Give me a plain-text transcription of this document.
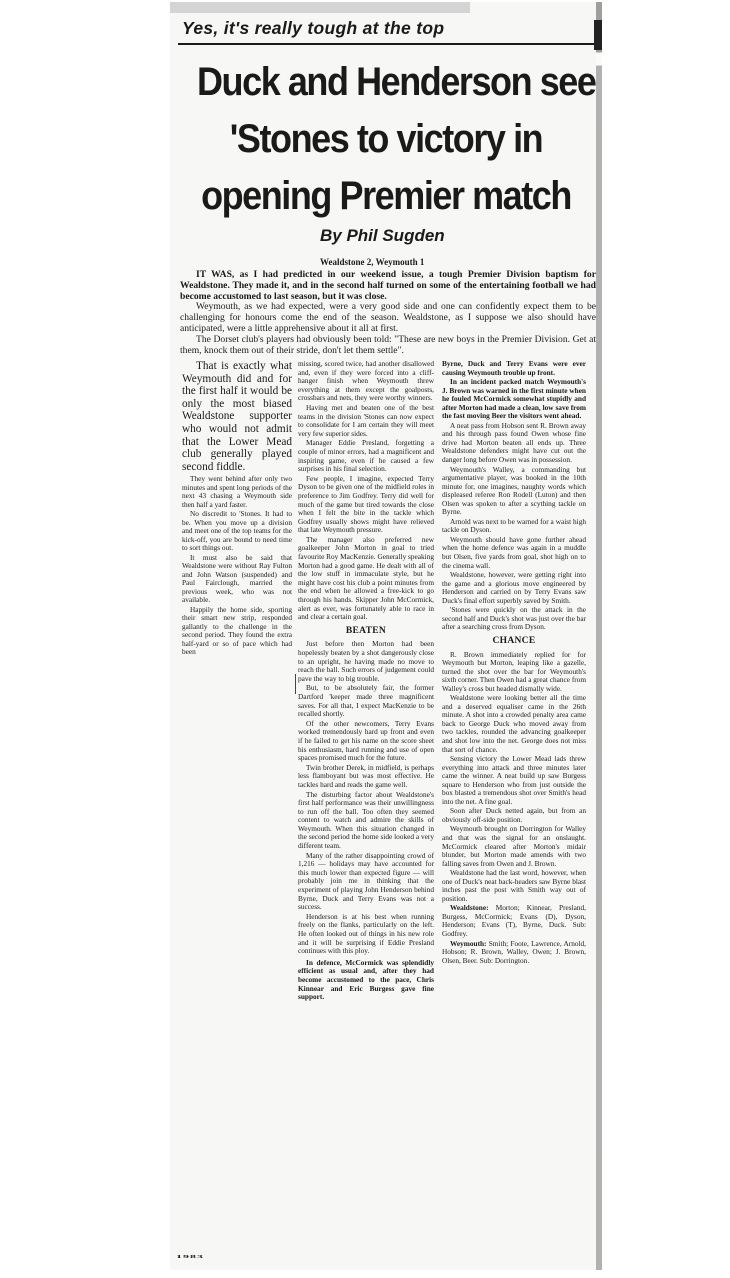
Yes, it's really tough at the top
Duck and Henderson see
'Stones to victory in
opening Premier match
By Phil Sugden
Wealdstone 2, Weymouth 1

IT WAS, as I had predicted in our weekend issue, a tough Premier Division baptism for Wealdstone. They made it, and in the second half turned on some of the entertaining football we had become accustomed to last season, but it was close.

Weymouth, as we had expected, were a very good side and one can confidently expect them to be challenging for honours come the end of the season. Wealdstone, as I suppose we also should have anticipated, were a little apprehensive about it all at first.

The Dorset club's players had obviously been told: "These are new boys in the Premier Division. Get at them, knock them out of their stride, don't let them settle".

That is exactly what Weymouth did and for the first half it would be only the most biased Wealdstone supporter who would not admit that the Lower Mead club generally played second fiddle.

They went behind after only two minutes and spent long periods of the next 43 chasing a Weymouth side then half a yard faster.

No discredit to 'Stones. It had to be. When you move up a division and meet one of the top teams for the kick-off, you are bound to need time to sort things out.

It must also be said that Wealdstone were without Ray Fulton and John Watson (suspended) and Paul Fairclough, married the previous week, who was not available.

Happily the home side, sporting their smart new strip, responded gallantly to the challenge in the second period. They found the extra half-yard or so of pace which had been

missing, scored twice, had another disallowed and, even if they were forced into a cliff-hanger finish when Weymouth threw everything at them except the goalposts, crossbars and nets, they were worthy winners.

Having met and beaten one of the best teams in the division 'Stones can now expect to consolidate for I am certain they will meet very few superior sides.

Manager Eddie Presland, forgetting a couple of minor errors, had a magnificent and inspiring game, even if he caused a few surprises in his final selection.

Few people, I imagine, expected Terry Dyson to be given one of the midfield roles in preference to Jim Godfrey. Terry did well for much of the game but tired towards the close when I felt the bite in the tackle which Godfrey usually shows might have relieved that late Weymouth pressure.

The manager also preferred new goalkeeper John Morton in goal to tried favourite Roy MacKenzie. Generally speaking Morton had a good game. He dealt with all of the low stuff in immaculate style, but he might have cost his club a point minutes from the end when he allowed a free-kick to go through his hands. Skipper John McCormick, alert as ever, was fortunately able to race in and clear a certain goal.

BEATEN

Just before then Morton had been hopelessly beaten by a shot dangerously close to an upright, he having made no move to reach the ball. Such errors of judgement could pave the way to big trouble.

But, to be absolutely fair, the former Dartford 'keeper made three magnificent saves. For all that, I expect MacKenzie to be recalled shortly.

Of the other newcomers, Terry Evans worked tremendously hard up front and even if he failed to get his name on the score sheet his enthusiasm, hard running and use of open spaces promised much for the future.

Twin brother Derek, in midfield, is perhaps less flamboyant but was most effective. He tackles hard and reads the game well.

The disturbing factor about Wealdstone's first half performance was their unwillingness to run off the ball. Too often they seemed content to watch and admire the skills of Weymouth. When this situation changed in the second period the home side looked a very different team.

Many of the rather disappointing crowd of 1,216 — holidays may have accounted for this much lower than expected figure — will probably join me in thinking that the experiment of playing John Henderson behind Byrne, Duck and Terry Evans was not a success.

Henderson is at his best when running freely on the flanks, particularly on the left. He often looked out of things in his new role and it will be surprising if Eddie Presland continues with this ploy.

In defence, McCormick was splendidly efficient as usual and, after they had become accustomed to the pace, Chris Kinnear and Eric Burgess gave fine support.

Byrne, Duck and Terry Evans were ever causing Weymouth trouble up front.

In an incident packed match Weymouth's J. Brown was warned in the first minute when he fouled McCormick somewhat stupidly and after Morton had made a clean, low save from the fast moving Beer the visitors went ahead.

A neat pass from Hobson sent R. Brown away and his through pass found Owen whose fine drive had Morton beaten all ends up. Three Wealdstone defenders might have cut out the danger long before Owen was in possession.

Weymouth's Walley, a commanding but argumentative player, was booked in the 10th minute for, one imagines, naughty words which displeased referee Ron Rodell (Luton) and then Olsen was spoken to after a scything tackle on Byrne.

Arnold was next to be warned for a waist high tackle on Dyson.

Weymouth should have gone further ahead when the home defence was again in a muddle but Olsen, five yards from goal, shot high on to the cinema wall.

Wealdstone, however, were getting right into the game and a glorious move engineered by Henderson and carried on by Terry Evans saw Duck's final effort superbly saved by Smith.

'Stones were quickly on the attack in the second half and Duck's shot was just over the bar after a searching cross from Dyson.

CHANCE

R. Brown immediately replied for for Weymouth but Morton, leaping like a gazelle, turned the shot over the bar for Weymouth's sixth corner. Then Owen had a great chance from Walley's cross but headed dismally wide.

Wealdstone were looking better all the time and a deserved equaliser came in the 26th minute. A shot into a crowded penalty area came back to George Duck who moved away from two tackles, rounded the advancing goalkeeper and shot low into the net. George does not miss that sort of chance.

Sensing victory the Lower Mead lads threw everything into attack and three minutes later came the winner. A neat build up saw Burgess square to Henderson who from just outside the box blasted a tremendous shot over Smith's head into the net. A fine goal.

Soon after Duck netted again, but from an obviously off-side position.

Weymouth brought on Dorrington for Walley and that was the signal for an onslaught. McCormick cleared after Morton's midair blunder, but Morton made amends with two falling saves from Owen and J. Brown.

Wealdstone had the last word, however, when one of Duck's neat back-headers saw Byrne blast inches past the post with Smith way out of position.

Wealdstone: Morton; Kinnear, Presland, Burgess, McCormick; Evans (D), Dyson, Henderson; Evans (T), Byrne, Duck. Sub: Godfrey.

Weymouth: Smith; Foote, Lawrence, Arnold, Hobson; R. Brown, Walley, Owen; J. Brown, Olsen, Beer. Sub: Dorrington.

1983
